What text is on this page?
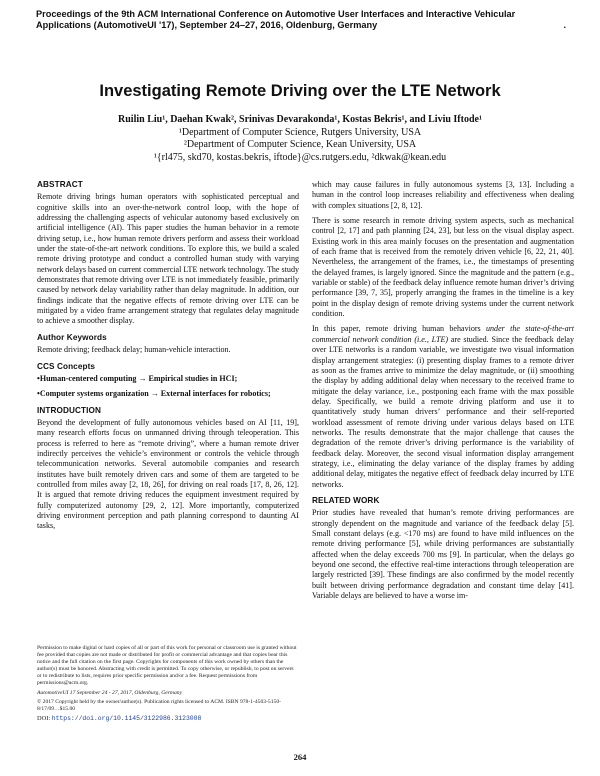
Proceedings of the 9th ACM International Conference on Automotive User Interfaces and Interactive Vehicular
Applications (AutomotiveUI '17), September 24–27, 2016, Oldenburg, Germany	.
Investigating Remote Driving over the LTE Network
Ruilin Liu¹, Daehan Kwak², Srinivas Devarakonda¹, Kostas Bekris¹, and Liviu Iftode¹
¹Department of Computer Science, Rutgers University, USA
²Department of Computer Science, Kean University, USA
¹{rl475, skd70, kostas.bekris, iftode}@cs.rutgers.edu, ²dkwak@kean.edu
ABSTRACT

Remote driving brings human operators with sophisticated perceptual and cognitive skills into an over-the-network control loop, with the hope of addressing the challenging aspects of vehicular autonomy based exclusively on artificial intelligence (AI). This paper studies the human behavior in a remote driving setup, i.e., how human remote drivers perform and assess their workload under the state-of-the-art network conditions. To explore this, we build a scaled remote driving prototype and conduct a controlled human study with varying network delays based on current commercial LTE network technology. The study demonstrates that remote driving over LTE is not immediately feasible, primarily caused by network delay variability rather than delay magnitude. In addition, our findings indicate that the negative effects of remote driving over LTE can be mitigated by a video frame arrangement strategy that regulates delay magnitude to achieve a smoother display.

Author Keywords

Remote driving; feedback delay; human-vehicle interaction.

CCS Concepts

•Human-centered computing → Empirical studies in HCI;

•Computer systems organization → External interfaces for robotics;

INTRODUCTION

Beyond the development of fully autonomous vehicles based on AI [11, 19], many research efforts focus on unmanned driving through teleoperation. This process is referred to here as “remote driving”, where a human remote driver indirectly perceives the vehicle’s environment or controls the vehicle through telecommunication networks. Several automobile companies and research institutes have built remotely driven cars and some of them are targeted to be controlled from miles away [2, 18, 26], for driving on real roads [17, 8, 26, 12]. It is argued that remote driving reduces the equipment investment required by fully computerized autonomy [29, 2, 12]. More importantly, computerized driving environment perception and path planning correspond to daunting AI tasks,

Permission to make digital or hard copies of all or part of this work for personal or classroom use is granted without fee provided that copies are not made or distributed for profit or commercial advantage and that copies bear this notice and the full citation on the first page. Copyrights for components of this work owned by others than the author(s) must be honored. Abstracting with credit is permitted. To copy otherwise, or republish, to post on servers or to redistribute to lists, requires prior specific permission and/or a fee. Request permissions from permissions@acm.org.

AutomotiveUI 17 September 24 - 27, 2017, Oldenburg, Germany

© 2017 Copyright held by the owner/author(s). Publication rights licensed to ACM. ISBN 978-1-4503-5150-8/17/09…$15.00

DOI: https://doi.org/10.1145/3122986.3123008

which may cause failures in fully autonomous systems [3, 13]. Including a human in the control loop increases reliability and effectiveness when dealing with complex situations [2, 8, 12].

There is some research in remote driving system aspects, such as mechanical control [2, 17] and path planning [24, 23], but less on the visual display aspect. Existing work in this area mainly focuses on the presentation and augmentation of each frame that is received from the remotely driven vehicle [6, 22, 21, 40]. Nevertheless, the arrangement of the frames, i.e., the timestamps of presenting the delayed frames, is largely ignored. Since the magnitude and the pattern (e.g., variable or stable) of the feedback delay influence remote human driver’s driving performance [39, 7, 35], properly arranging the frames in the timeline is a key point in the display design of remote driving systems under the current network condition.

In this paper, remote driving human behaviors under the state-of-the-art commercial network condition (i.e., LTE) are studied. Since the feedback delay over LTE networks is a random variable, we investigate two visual information display arrangement strategies: (i) presenting display frames to a remote driver as soon as the frames arrive to minimize the delay magnitude, or (ii) smoothing the display by adding additional delay when necessary to the received frame to mitigate the delay variance, i.e., postponing each frame with the max possible delay. Specifically, we build a remote driving platform and use it to quantitatively study human drivers’ performance and their self-reported workload assessment of remote driving under various delays based on LTE networks. The results demonstrate that the major challenge that causes the degradation of the remote driver’s driving performance is the variability of feedback delay. Moreover, the second visual information display arrangement strategy, i.e., eliminating the delay variance of the display frames by adding additional delay, mitigates the negative effect of feedback delay incurred by LTE networks.

RELATED WORK

Prior studies have revealed that human’s remote driving performances are strongly dependent on the magnitude and variance of the feedback delay [5]. Small constant delays (e.g. <170 ms) are found to have mild influences on the remote driving performance [5], while driving performances are substantially affected when the delay exceeds 700 ms [9]. In particular, when the delays go beyond one second, the effective real-time interactions through teleoperation are largely restricted [39]. These findings are also confirmed by the model recently built between driving performance degradation and constant time delay [41]. Variable delays are believed to have a worse im-

264
